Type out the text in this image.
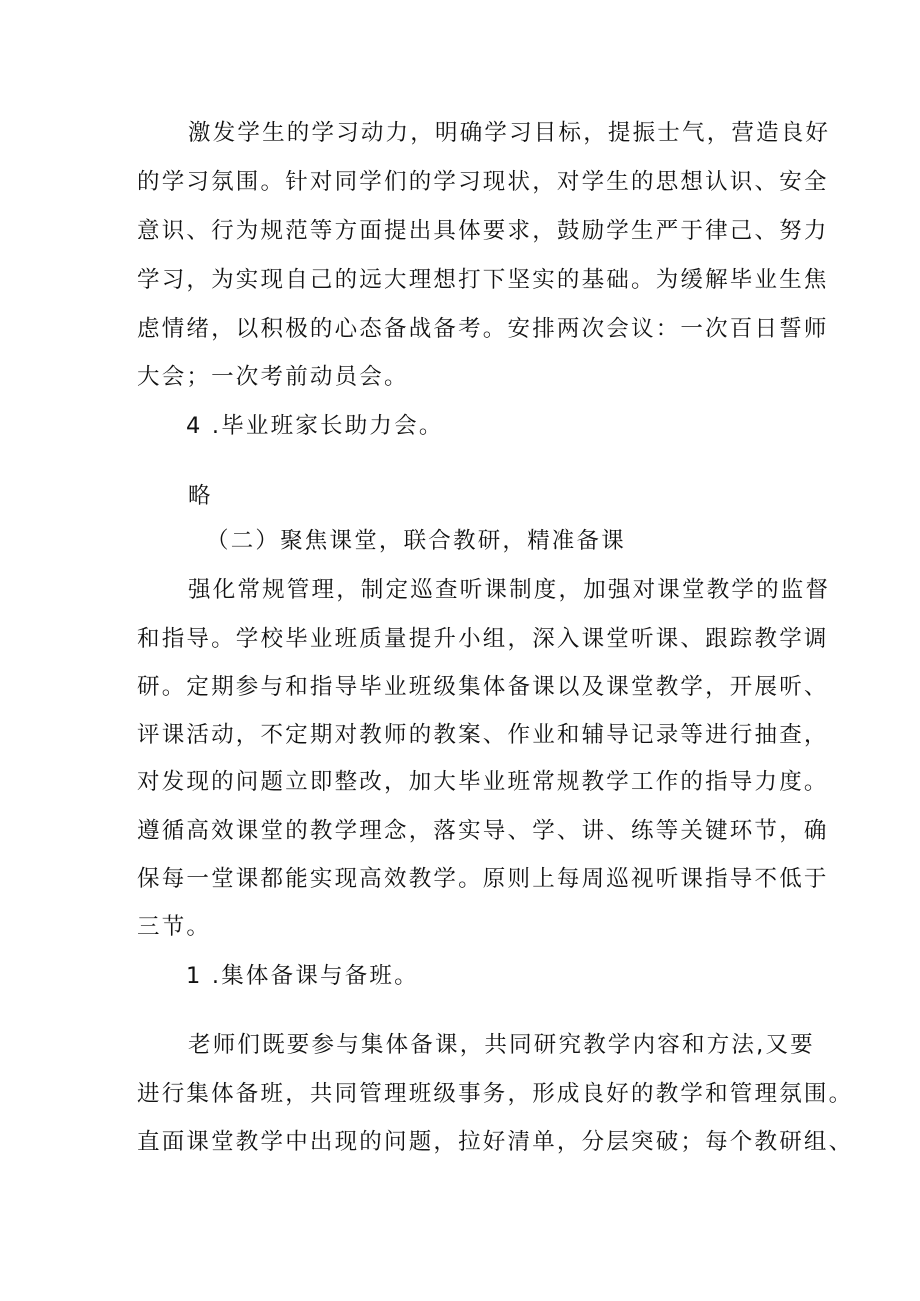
激发学生的学习动力，明确学习目标，提振士气，营造良好
的学习氛围。针对同学们的学习现状，对学生的思想认识、安全
意识、行为规范等方面提出具体要求，鼓励学生严于律己、努力
学习，为实现自己的远大理想打下坚实的基础。为缓解毕业生焦
虑情绪，以积极的心态备战备考。安排两次会议：一次百日誓师
大会；一次考前动员会。
4 .毕业班家长助力会。
略
（二）聚焦课堂，联合教研，精准备课
强化常规管理，制定巡查听课制度，加强对课堂教学的监督
和指导。学校毕业班质量提升小组，深入课堂听课、跟踪教学调
研。定期参与和指导毕业班级集体备课以及课堂教学，开展听、
评课活动，不定期对教师的教案、作业和辅导记录等进行抽查，
对发现的问题立即整改，加大毕业班常规教学工作的指导力度。
遵循高效课堂的教学理念，落实导、学、讲、练等关键环节，确
保每一堂课都能实现高效教学。原则上每周巡视听课指导不低于
三节。
1 .集体备课与备班。
老师们既要参与集体备课，共同研究教学内容和方法,又要
进行集体备班，共同管理班级事务，形成良好的教学和管理氛围。
直面课堂教学中出现的问题，拉好清单，分层突破；每个教研组、
